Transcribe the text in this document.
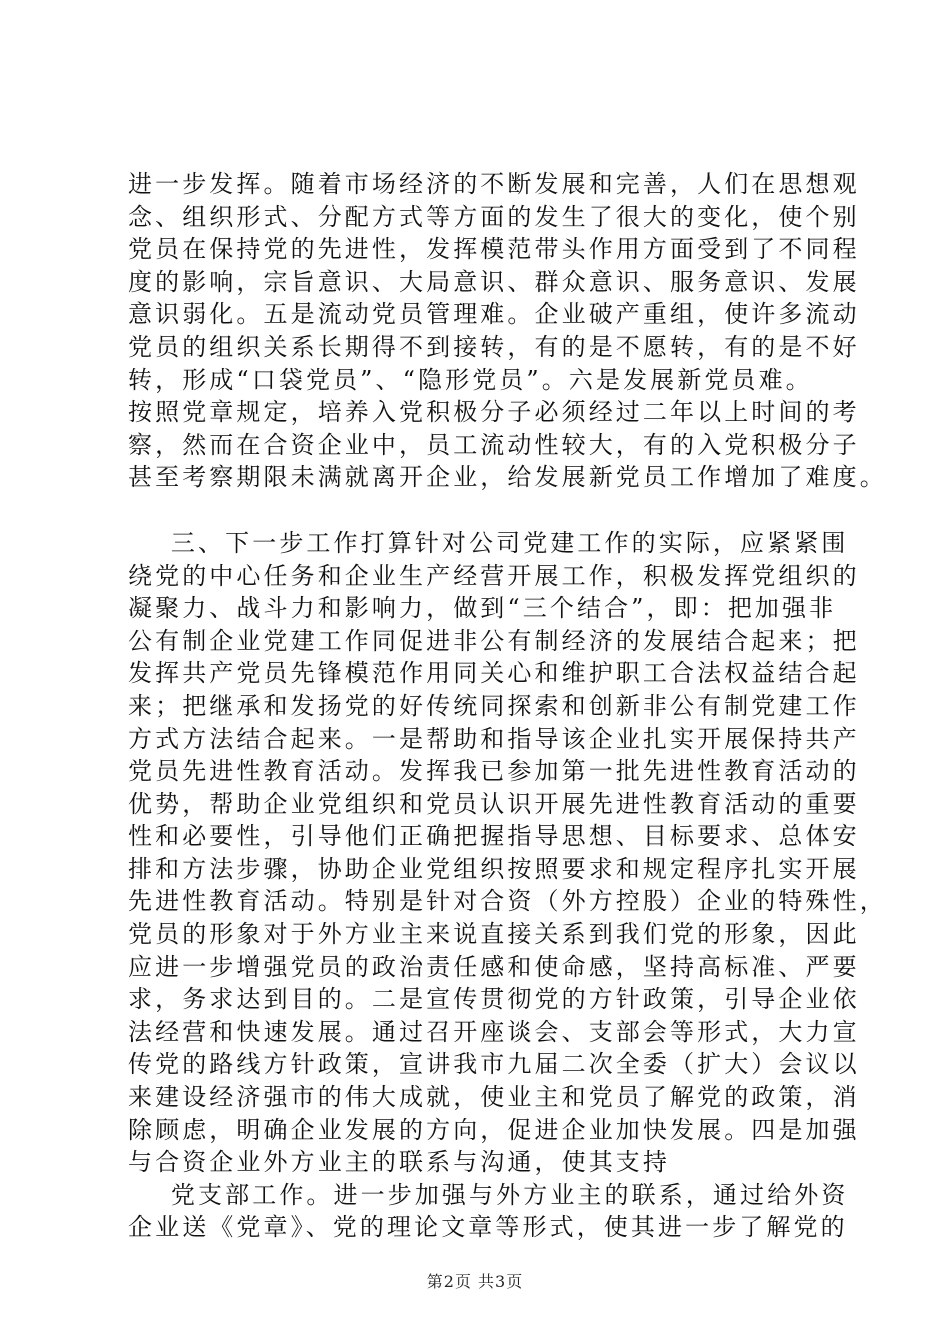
进一步发挥。随着市场经济的不断发展和完善，人们在思想观
念、组织形式、分配方式等方面的发生了很大的变化，使个别
党员在保持党的先进性，发挥模范带头作用方面受到了不同程
度的影响，宗旨意识、大局意识、群众意识、服务意识、发展
意识弱化。五是流动党员管理难。企业破产重组，使许多流动
党员的组织关系长期得不到接转，有的是不愿转，有的是不好
转，形成“口袋党员”、“隐形党员”。六是发展新党员难。
按照党章规定，培养入党积极分子必须经过二年以上时间的考
察，然而在合资企业中，员工流动性较大，有的入党积极分子
甚至考察期限未满就离开企业，给发展新党员工作增加了难度。
三、下一步工作打算针对公司党建工作的实际，应紧紧围
绕党的中心任务和企业生产经营开展工作，积极发挥党组织的
凝聚力、战斗力和影响力，做到“三个结合”，即：把加强非
公有制企业党建工作同促进非公有制经济的发展结合起来；把
发挥共产党员先锋模范作用同关心和维护职工合法权益结合起
来；把继承和发扬党的好传统同探索和创新非公有制党建工作
方式方法结合起来。一是帮助和指导该企业扎实开展保持共产
党员先进性教育活动。发挥我已参加第一批先进性教育活动的
优势，帮助企业党组织和党员认识开展先进性教育活动的重要
性和必要性，引导他们正确把握指导思想、目标要求、总体安
排和方法步骤，协助企业党组织按照要求和规定程序扎实开展
先进性教育活动。特别是针对合资（外方控股）企业的特殊性，
党员的形象对于外方业主来说直接关系到我们党的形象，因此
应进一步增强党员的政治责任感和使命感，坚持高标准、严要
求，务求达到目的。二是宣传贯彻党的方针政策，引导企业依
法经营和快速发展。通过召开座谈会、支部会等形式，大力宣
传党的路线方针政策，宣讲我市九届二次全委（扩大）会议以
来建设经济强市的伟大成就，使业主和党员了解党的政策，消
除顾虑，明确企业发展的方向，促进企业加快发展。四是加强
与合资企业外方业主的联系与沟通，使其支持
党支部工作。进一步加强与外方业主的联系，通过给外资
企业送《党章》、党的理论文章等形式，使其进一步了解党的
第2页 共3页
